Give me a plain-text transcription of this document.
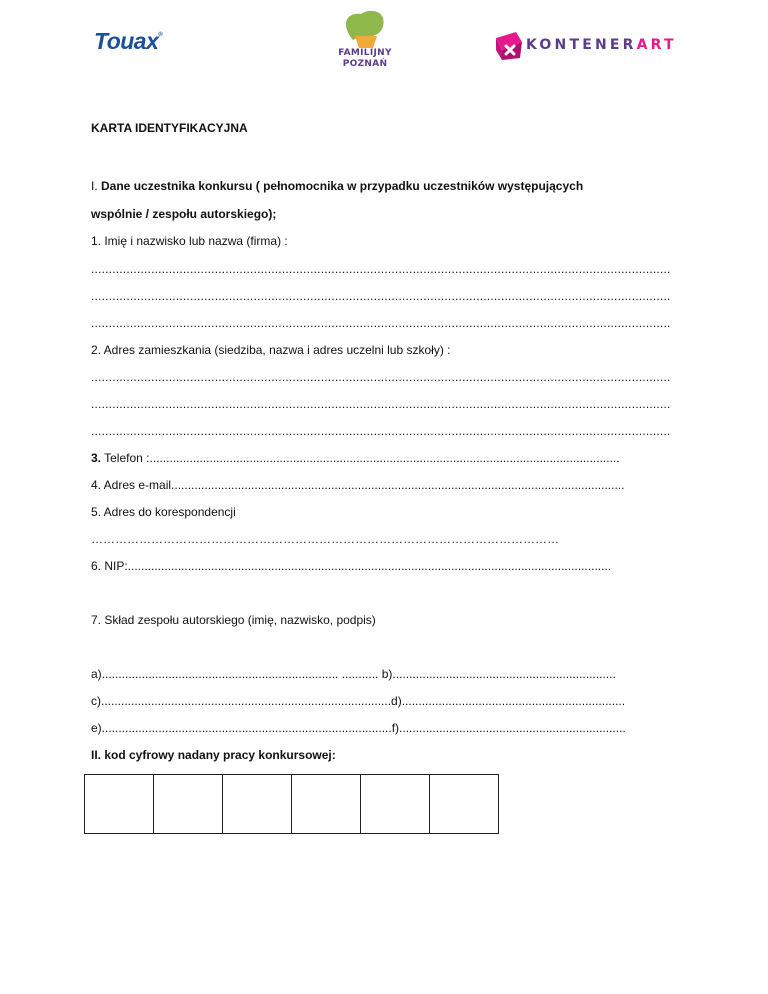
Touax®
FAMILIJNY
POZNAŃ
KONTENERART
KARTA IDENTYFIKACYJNA
I. Dane uczestnika konkursu ( pełnomocnika w przypadku uczestników występujących
wspólnie / zespołu autorskiego);
1. Imię i nazwisko lub nazwa (firma) :
....................................................................................................................................................................
....................................................................................................................................................................
....................................................................................................................................................................
2. Adres zamieszkania (siedziba, nazwa i adres uczelni lub szkoły) :
....................................................................................................................................................................
....................................................................................................................................................................
....................................................................................................................................................................
3. Telefon :.............................................................................................................................................
4. Adres e-mail........................................................................................................................................
5. Adres do korespondencji
………………………………………………………………………………………………………
6. NIP:.................................................................................................................................................
7. Skład zespołu autorskiego (imię, nazwisko, podpis)
a)....................................................................... ........... b)...................................................................
c).......................................................................................d)...................................................................
e).......................................................................................f)....................................................................
II. kod cyfrowy nadany pracy konkursowej:
